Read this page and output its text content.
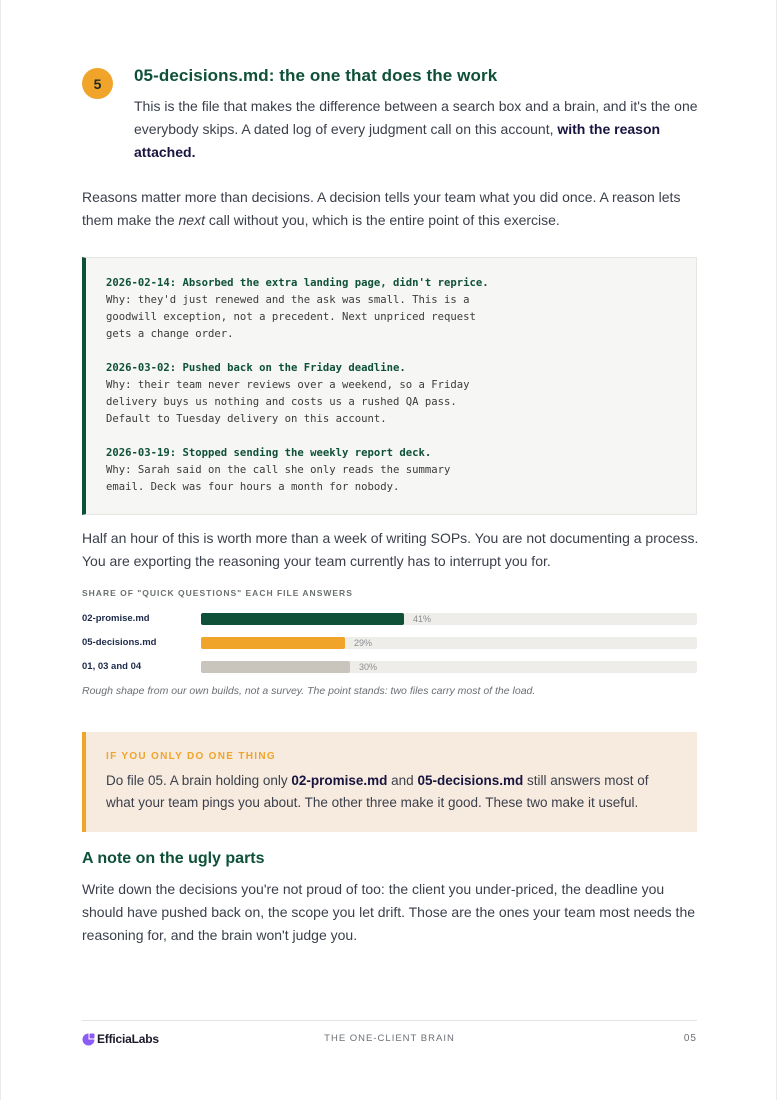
5	05-decisions.md: the one that does the work
This is the file that makes the difference between a search box and a brain, and it's the one everybody skips. A dated log of every judgment call on this account, with the reason attached.
Reasons matter more than decisions. A decision tells your team what you did once. A reason lets them make the next call without you, which is the entire point of this exercise.
2026-02-14: Absorbed the extra landing page, didn't reprice.
Why: they'd just renewed and the ask was small. This is a
goodwill exception, not a precedent. Next unpriced request
gets a change order.
2026-03-02: Pushed back on the Friday deadline.
Why: their team never reviews over a weekend, so a Friday
delivery buys us nothing and costs us a rushed QA pass.
Default to Tuesday delivery on this account.
2026-03-19: Stopped sending the weekly report deck.
Why: Sarah said on the call she only reads the summary
email. Deck was four hours a month for nobody.
Half an hour of this is worth more than a week of writing SOPs. You are not documenting a process. You are exporting the reasoning your team currently has to interrupt you for.
SHARE OF "QUICK QUESTIONS" EACH FILE ANSWERS
02-promise.md	41%
05-decisions.md	29%
01, 03 and 04	30%
Rough shape from our own builds, not a survey. The point stands: two files carry most of the load.
IF YOU ONLY DO ONE THING
Do file 05. A brain holding only 02-promise.md and 05-decisions.md still answers most of what your team pings you about. The other three make it good. These two make it useful.
A note on the ugly parts
Write down the decisions you're not proud of too: the client you under-priced, the deadline you should have pushed back on, the scope you let drift. Those are the ones your team most needs the reasoning for, and the brain won't judge you.
EfficiaLabs	THE ONE-CLIENT BRAIN	05
